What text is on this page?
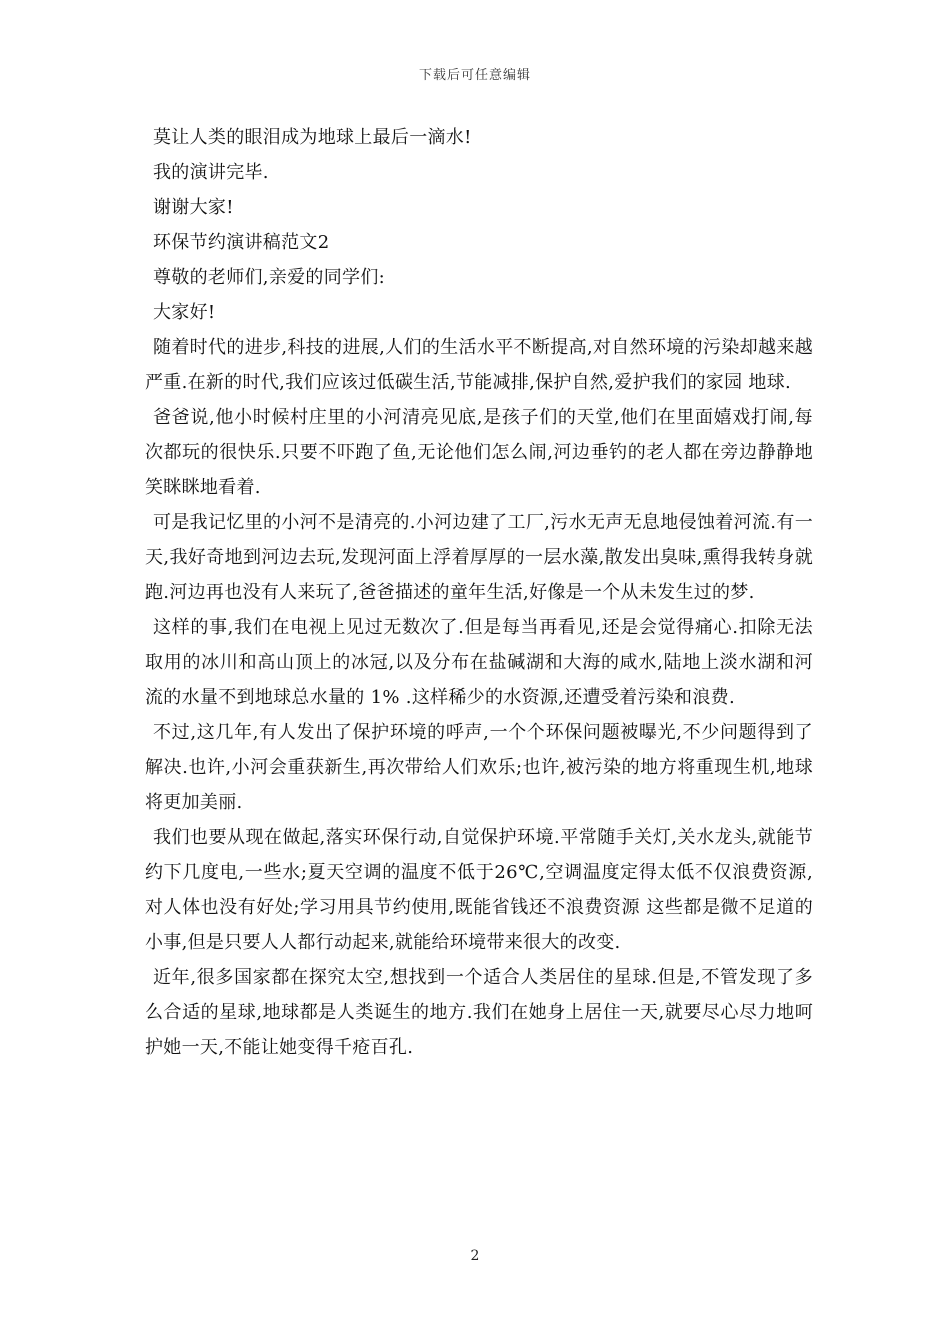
下载后可任意编辑

莫让人类的眼泪成为地球上最后一滴水!

我的演讲完毕.

谢谢大家!

环保节约演讲稿范文2

尊敬的老师们,亲爱的同学们:

大家好!

随着时代的进步,科技的进展,人们的生活水平不断提高,对自然环境的污染却越来越严重.在新的时代,我们应该过低碳生活,节能减排,保护自然,爱护我们的家园 地球.

爸爸说,他小时候村庄里的小河清亮见底,是孩子们的天堂,他们在里面嬉戏打闹,每次都玩的很快乐.只要不吓跑了鱼,无论他们怎么闹,河边垂钓的老人都在旁边静静地笑眯眯地看着.

可是我记忆里的小河不是清亮的.小河边建了工厂,污水无声无息地侵蚀着河流.有一天,我好奇地到河边去玩,发现河面上浮着厚厚的一层水藻,散发出臭味,熏得我转身就跑.河边再也没有人来玩了,爸爸描述的童年生活,好像是一个从未发生过的梦.

这样的事,我们在电视上见过无数次了.但是每当再看见,还是会觉得痛心.扣除无法取用的冰川和高山顶上的冰冠,以及分布在盐碱湖和大海的咸水,陆地上淡水湖和河流的水量不到地球总水量的 1% .这样稀少的水资源,还遭受着污染和浪费.

不过,这几年,有人发出了保护环境的呼声,一个个环保问题被曝光,不少问题得到了解决.也许,小河会重获新生,再次带给人们欢乐;也许,被污染的地方将重现生机,地球将更加美丽.

我们也要从现在做起,落实环保行动,自觉保护环境.平常随手关灯,关水龙头,就能节约下几度电,一些水;夏天空调的温度不低于26℃,空调温度定得太低不仅浪费资源,对人体也没有好处;学习用具节约使用,既能省钱还不浪费资源 这些都是微不足道的小事,但是只要人人都行动起来,就能给环境带来很大的改变.

近年,很多国家都在探究太空,想找到一个适合人类居住的星球.但是,不管发现了多么合适的星球,地球都是人类诞生的地方.我们在她身上居住一天,就要尽心尽力地呵护她一天,不能让她变得千疮百孔.

2
